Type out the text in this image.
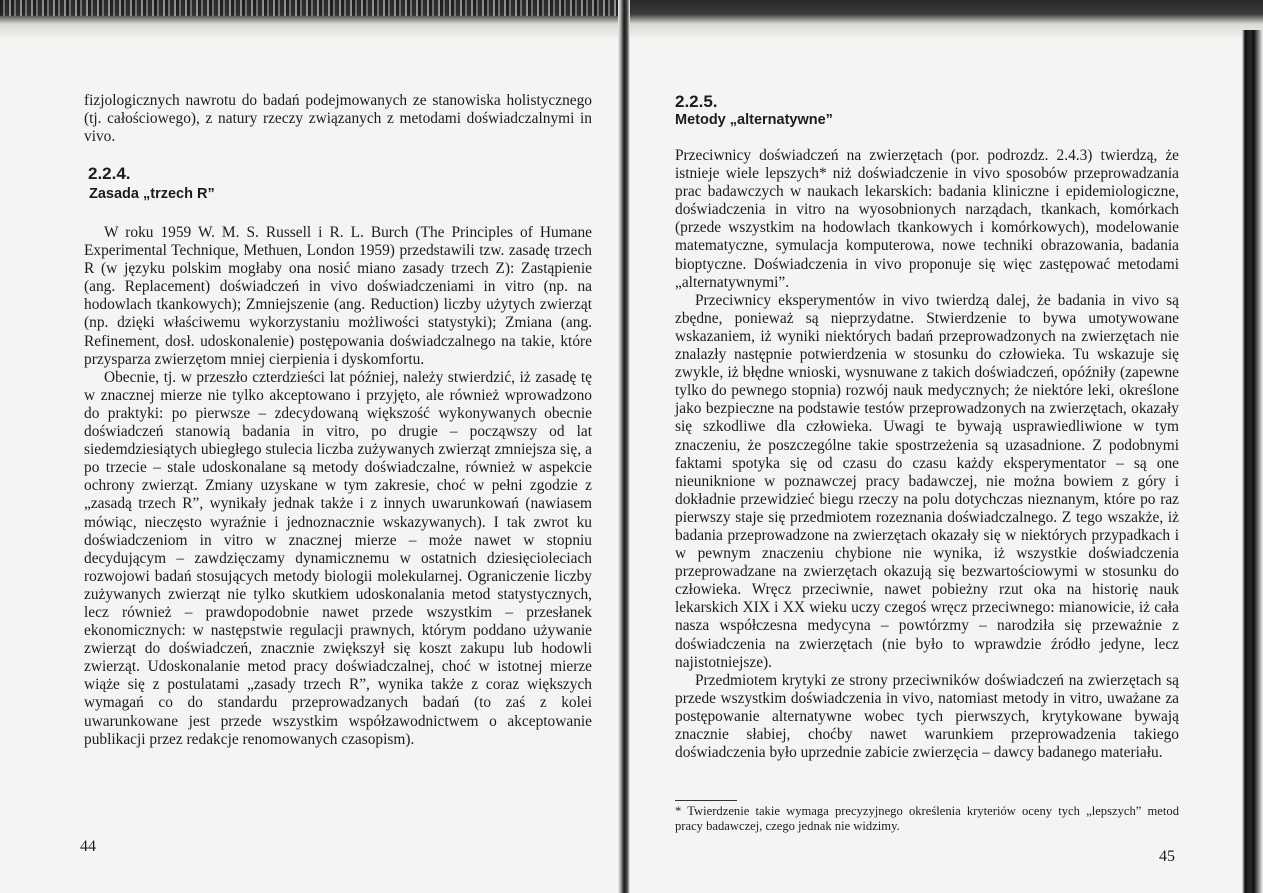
fizjologicznych nawrotu do badań podejmowanych ze stanowiska holistycznego (tj. całościowego), z natury rzeczy związanych z metodami doświadczalnymi in vivo.

2.2.4.
Zasada „trzech R”

W roku 1959 W. M. S. Russell i R. L. Burch (The Principles of Humane Experimental Technique, Methuen, London 1959) przedstawili tzw. zasadę trzech R (w języku polskim mogłaby ona nosić miano zasady trzech Z): Zastąpienie (ang. Replacement) doświadczeń in vivo doświadczeniami in vitro (np. na hodowlach tkankowych); Zmniejszenie (ang. Reduction) liczby użytych zwierząt (np. dzięki właściwemu wykorzystaniu możliwości statystyki); Zmiana (ang. Refinement, dosł. udoskonalenie) postępowania doświadczalnego na takie, które przysparza zwierzętom mniej cierpienia i dyskomfortu.

Obecnie, tj. w przeszło czterdzieści lat później, należy stwierdzić, iż zasadę tę w znacznej mierze nie tylko akceptowano i przyjęto, ale również wprowadzono do praktyki: po pierwsze – zdecydowaną większość wykonywanych obecnie doświadczeń stanowią badania in vitro, po drugie – począwszy od lat siedemdziesiątych ubiegłego stulecia liczba zużywanych zwierząt zmniejsza się, a po trzecie – stale udoskonalane są metody doświadczalne, również w aspekcie ochrony zwierząt. Zmiany uzyskane w tym zakresie, choć w pełni zgodzie z „zasadą trzech R”, wynikały jednak także i z innych uwarunkowań (nawiasem mówiąc, nieczęsto wyraźnie i jednoznacznie wskazywanych). I tak zwrot ku doświadczeniom in vitro w znacznej mierze – może nawet w stopniu decydującym – zawdzięczamy dynamicznemu w ostatnich dziesięcioleciach rozwojowi badań stosujących metody biologii molekularnej. Ograniczenie liczby zużywanych zwierząt nie tylko skutkiem udoskonalania metod statystycznych, lecz również – prawdopodobnie nawet przede wszystkim – przesłanek ekonomicznych: w następstwie regulacji prawnych, którym poddano używanie zwierząt do doświadczeń, znacznie zwiększył się koszt zakupu lub hodowli zwierząt. Udoskonalanie metod pracy doświadczalnej, choć w istotnej mierze wiąże się z postulatami „zasady trzech R”, wynika także z coraz większych wymagań co do standardu przeprowadzanych badań (to zaś z kolei uwarunkowane jest przede wszystkim współzawodnictwem o akceptowanie publikacji przez redakcje renomowanych czasopism).

44

2.2.5.
Metody „alternatywne”

Przeciwnicy doświadczeń na zwierzętach (por. podrozdz. 2.4.3) twierdzą, że istnieje wiele lepszych* niż doświadczenie in vivo sposobów przeprowadzania prac badawczych w naukach lekarskich: badania kliniczne i epidemiologiczne, doświadczenia in vitro na wyosobnionych narządach, tkankach, komórkach (przede wszystkim na hodowlach tkankowych i komórkowych), modelowanie matematyczne, symulacja komputerowa, nowe techniki obrazowania, badania bioptyczne. Doświadczenia in vivo proponuje się więc zastępować metodami „alternatywnymi”.

Przeciwnicy eksperymentów in vivo twierdzą dalej, że badania in vivo są zbędne, ponieważ są nieprzydatne. Stwierdzenie to bywa umotywowane wskazaniem, iż wyniki niektórych badań przeprowadzonych na zwierzętach nie znalazły następnie potwierdzenia w stosunku do człowieka. Tu wskazuje się zwykle, iż błędne wnioski, wysnuwane z takich doświadczeń, opóźniły (zapewne tylko do pewnego stopnia) rozwój nauk medycznych; że niektóre leki, określone jako bezpieczne na podstawie testów przeprowadzonych na zwierzętach, okazały się szkodliwe dla człowieka. Uwagi te bywają usprawiedliwione w tym znaczeniu, że poszczególne takie spostrzeżenia są uzasadnione. Z podobnymi faktami spotyka się od czasu do czasu każdy eksperymentator – są one nieuniknione w poznawczej pracy badawczej, nie można bowiem z góry i dokładnie przewidzieć biegu rzeczy na polu dotychczas nieznanym, które po raz pierwszy staje się przedmiotem rozeznania doświadczalnego. Z tego wszakże, iż badania przeprowadzone na zwierzętach okazały się w niektórych przypadkach i w pewnym znaczeniu chybione nie wynika, iż wszystkie doświadczenia przeprowadzane na zwierzętach okazują się bezwartościowymi w stosunku do człowieka. Wręcz przeciwnie, nawet pobieżny rzut oka na historię nauk lekarskich XIX i XX wieku uczy czegoś wręcz przeciwnego: mianowicie, iż cała nasza współczesna medycyna – powtórzmy – narodziła się przeważnie z doświadczenia na zwierzętach (nie było to wprawdzie źródło jedyne, lecz najistotniejsze).

Przedmiotem krytyki ze strony przeciwników doświadczeń na zwierzętach są przede wszystkim doświadczenia in vivo, natomiast metody in vitro, uważane za postępowanie alternatywne wobec tych pierwszych, krytykowane bywają znacznie słabiej, choćby nawet warunkiem przeprowadzenia takiego doświadczenia było uprzednie zabicie zwierzęcia – dawcy badanego materiału.

* Twierdzenie takie wymaga precyzyjnego określenia kryteriów oceny tych „lepszych” metod pracy badawczej, czego jednak nie widzimy.

45
